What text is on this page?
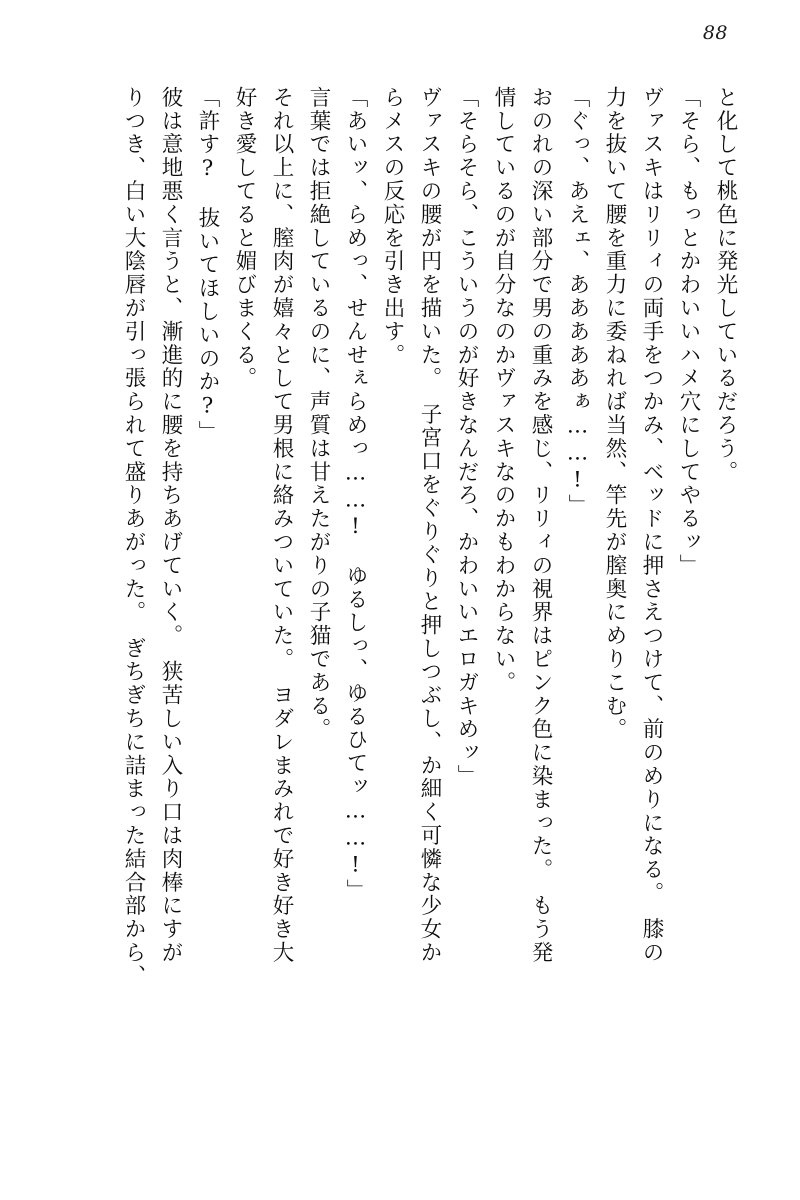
88
と化して桃色に発光しているだろう。
「そら、もっとかわいいハメ穴にしてやるッ」
ヴァスキはリリィの両手をつかみ、ベッドに押さえつけて、前のめりになる。　膝の
力を抜いて腰を重力に委ねれば当然、竿先が膣奥にめりこむ。
「ぐっ、あえェ、あああああぁ……!」
おのれの深い部分で男の重みを感じ、リリィの視界はピンク色に染まった。　もう発
情しているのが自分なのかヴァスキなのかもわからない。
「そらそら、こういうのが好きなんだろ、かわいいエロガキめッ」
ヴァスキの腰が円を描いた。　子宮口をぐりぐりと押しつぶし、か細く可憐な少女か
らメスの反応を引き出す。
「あいッ、らめっ、せんせぇらめっ……!　ゆるしっ、ゆるひてッ……!」
言葉では拒絶しているのに、声質は甘えたがりの子猫である。
それ以上に、膣肉が嬉々として男根に絡みついていた。　ヨダレまみれで好き好き大
好き愛してると媚びまくる。
「許す?　抜いてほしいのか?」
彼は意地悪く言うと、漸進的に腰を持ちあげていく。　狭苦しい入り口は肉棒にすが
りつき、白い大陰唇が引っ張られて盛りあがった。　ぎちぎちに詰まった結合部から、
